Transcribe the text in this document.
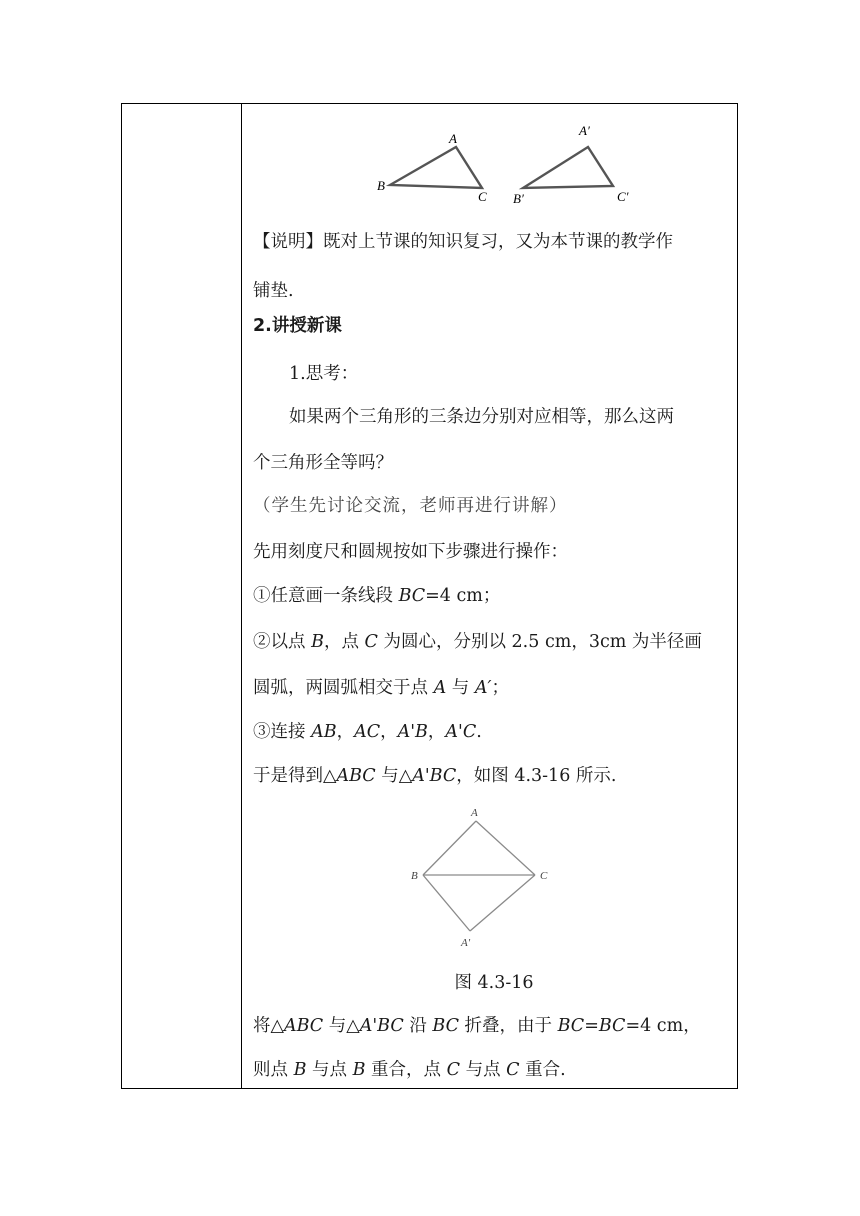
A
B
C
A′
B′	C′
【说明】既对上节课的知识复习，又为本节课的教学作
铺垫.
2.讲授新课
1.思考：
如果两个三角形的三条边分别对应相等，那么这两
个三角形全等吗？
（学生先讨论交流，老师再进行讲解）
先用刻度尺和圆规按如下步骤进行操作：
①任意画一条线段 BC=4 cm；
②以点 B，点 C 为圆心，分别以 2.5 cm，3cm 为半径画
圆弧，两圆弧相交于点 A 与 A′；
③连接 AB，AC，A'B，A'C.
于是得到△ABC 与△A'BC，如图 4.3-16 所示.
A
B	C
A′
图 4.3-16
将△ABC 与△A'BC 沿 BC 折叠，由于 BC=BC=4 cm，
则点 B 与点 B 重合，点 C 与点 C 重合.
